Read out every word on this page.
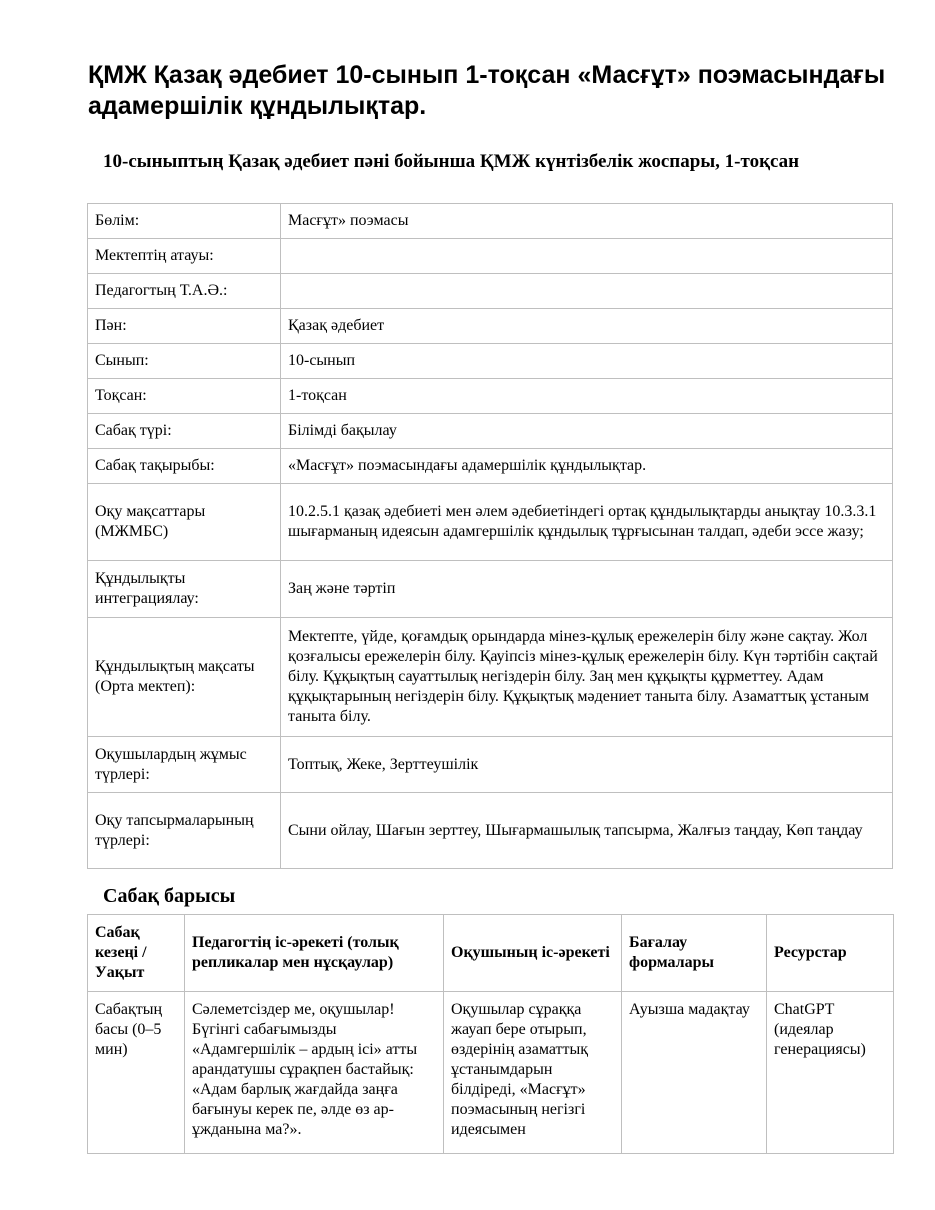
ҚМЖ Қазақ әдебиет 10-сынып 1-тоқсан «Масғұт» поэмасындағы адамершілік құндылықтар.
10-сыныптың Қазақ әдебиет пәні бойынша ҚМЖ күнтізбелік жоспары, 1-тоқсан
Бөлім:	Масғұт» поэмасы
Мектептің атауы:	
Педагогтың Т.А.Ә.:	
Пән:	Қазақ әдебиет
Сынып:	10-сынып
Тоқсан:	1-тоқсан
Сабақ түрі:	Білімді бақылау
Сабақ тақырыбы:	«Масғұт» поэмасындағы адамершілік құндылықтар.
Оқу мақсаттары (МЖМБС)	10.2.5.1 қазақ әдебиеті мен әлем әдебиетіндегі ортақ құндылықтарды анықтау 10.3.3.1 шығарманың идеясын адамгершілік құндылық тұрғысынан талдап, әдеби эссе жазу;
Құндылықты интеграциялау:	Заң және тәртіп
Құндылықтың мақсаты (Орта мектеп):	Мектепте, үйде, қоғамдық орындарда мінез-құлық ережелерін білу және сақтау. Жол қозғалысы ережелерін білу. Қауіпсіз мінез-құлық ережелерін білу. Күн тәртібін сақтай білу. Құқықтың сауаттылық негіздерін білу. Заң мен құқықты құрметтеу. Адам құқықтарының негіздерін білу. Құқықтық мәдениет таныта білу. Азаматтық ұстаным таныта білу.
Оқушылардың жұмыс түрлері:	Топтық, Жеке, Зерттеушілік
Оқу тапсырмаларының түрлері:	Сыни ойлау, Шағын зерттеу, Шығармашылық тапсырма, Жалғыз таңдау, Көп таңдау
Сабақ барысы
Сабақ кезеңі / Уақыт	Педагогтің іс-әрекеті (толық репликалар мен нұсқаулар)	Оқушының іс-әрекеті	Бағалау формалары	Ресурстар
Сабақтың басы (0–5 мин)	Сәлеметсіздер ме, оқушылар! Бүгінгі сабағымызды «Адамгершілік – ардың ісі» атты арандатушы сұрақпен бастайық: «Адам барлық жағдайда заңға бағынуы керек пе, әлде өз ар-ұжданына ма?».	Оқушылар сұраққа жауап бере отырып, өздерінің азаматтық ұстанымдарын білдіреді, «Масғұт» поэмасының негізгі идеясымен	Ауызша мадақтау	ChatGPT (идеялар генерациясы)
